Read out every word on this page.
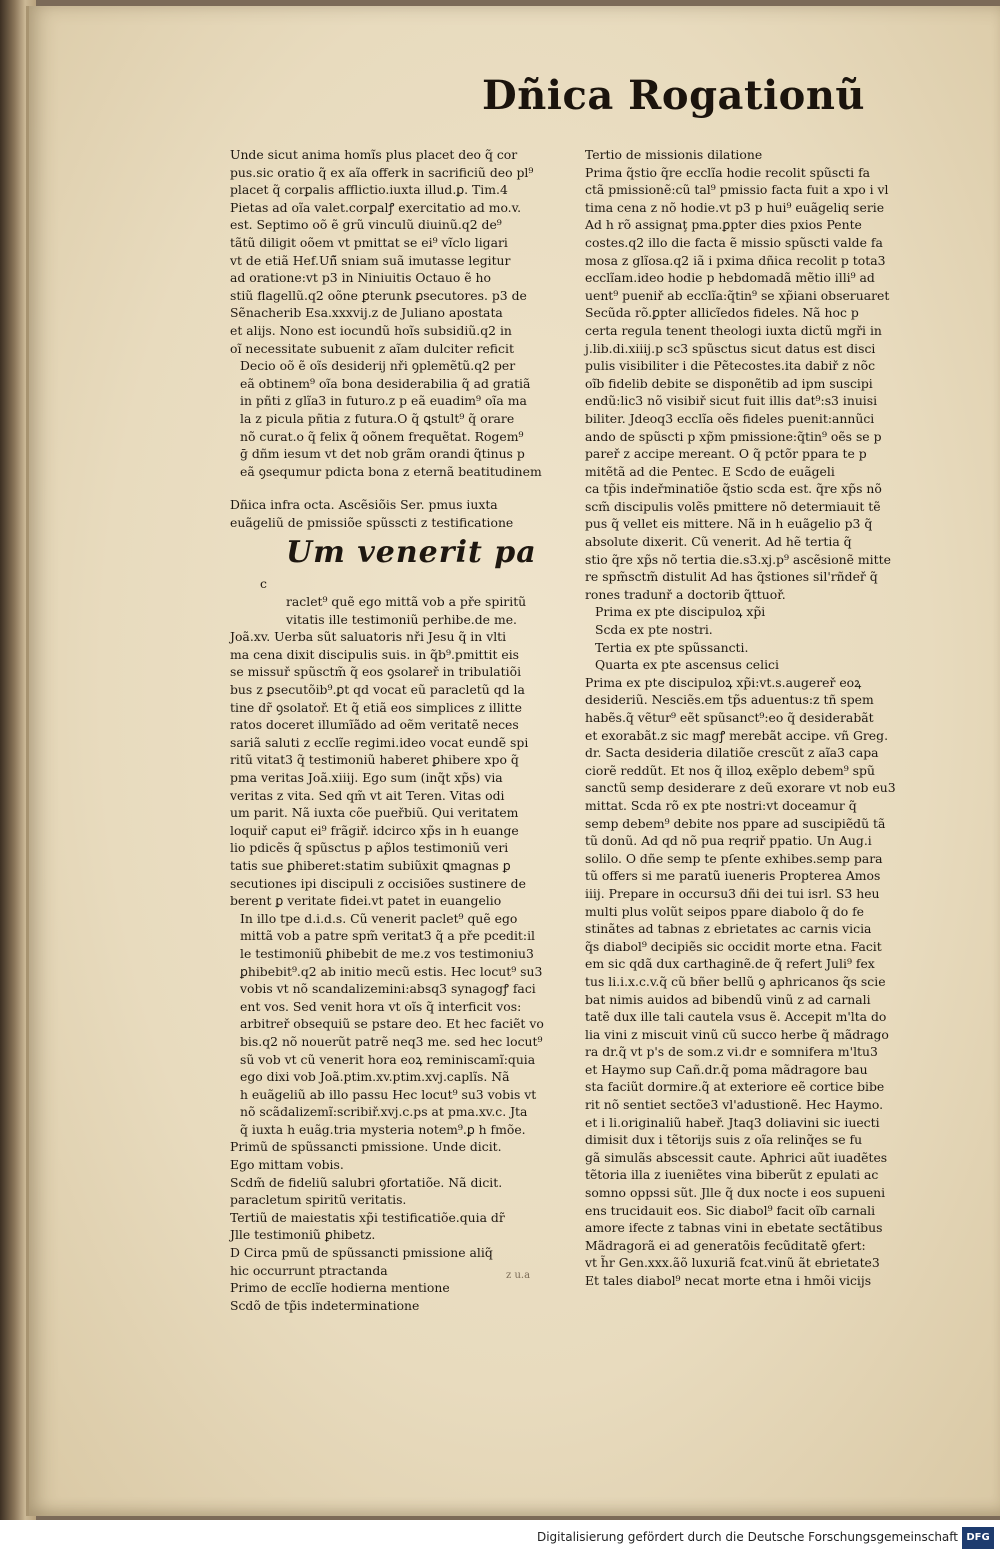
Dñica Rogationũ

Unde sicut anima homĩs plus placet deo q̃ cor

pus.sic oratio q̃ ex aĩa offerk in sacrificiũ deo pl⁹

placet q̃ corꝑalis afflictio.iuxta illud.ꝑ. Tim.4

Pietas ad oĩa valet.corꝑalꝭ exercitatio ad mo.v.

est. Septimo oõ ẽ grũ vinculũ diuinũ.q2 de⁹

tãtũ diligit oõem vt pmittat se ei⁹ vĩclo ligari

vt de etiã Hef.Uñ̃ sniam suã imutasse legitur

ad oratione:vt p3 in Niniuitis Octauo ẽ ho

stiũ flagellũ.q2 oõne ꝑterunk ꝑsecutores. p3 de

Sẽnacherib Esa.xxxvij.z de Juliano apostata

et alijs. Nono est iocundũ hoĩs subsidiũ.q2 in

oĩ necessitate subuenit z aĩam dulciter reficit

Decio oõ ẽ oĩs desiderij nři ꝯplemẽtũ.q2 per

eã obtinem⁹ oĩa bona desiderabilia q̃ ad gratiã

in pñti z glĩa3 in futuro.z p eã euadim⁹ oĩa ma

la z picula pñtia z futura.O q̃ ꝗstult⁹ q̃ orare

nõ curat.o q̃ felix q̃ oõnem frequẽtat. Rogem⁹

ḡ dñm iesum vt det nob grãm orandi q̃tinus p

eã ꝯsequmur pdicta bona z eternã beatitudinem

Dñica infra octa. Ascẽsiõis Ser. pmus iuxta

euãgeliũ de pmissiõe spũsscti z testificatione

Um venerit pa

c

raclet⁹ quẽ ego mittã vob a pře spiritũ

vitatis ille testimoniũ perhibe.de me.

Joã.xv. Uerba sũt saluatoris nři Jesu q̃ in vlti

ma cena dixit discipulis suis. in q̃b⁹.pmittit eis

se missuř spũsctm̃ q̃ eos ꝯsolareř in tribulatiõi

bus z ꝑsecutõib⁹.ꝑt qd vocat eũ paracletũ qd la

tine dr̃ ꝯsolatoř. Et q̃ etiã eos simplices z illitte

ratos doceret illumĩãdo ad oẽm veritatẽ neces

sariã saluti z ecclĩe regimi.ideo vocat eundẽ spi

ritũ vitat3 q̃ testimoniũ haberet ꝑhibere xpo q̃

pma veritas Joã.xiiij. Ego sum (inq̃t xp̃s) via

veritas z vita. Sed qm̃ vt ait Teren. Vitas odi

um parit. Nã iuxta cõe pueřbiũ. Qui veritatem

loquiř caput ei⁹ frãgiř. idcirco xp̃s in h euange

lio pdicẽs q̃ spũsctus p ap̃los testimoniũ veri

tatis sue ꝑhiberet:statim subiũxit ꝗmagnas ꝑ

secutiones ipi discipuli z occisiões sustinere de

berent ꝑ veritate fidei.vt patet in euangelio

In illo tpe d.i.d.s. Cũ venerit paclet⁹ quẽ ego

mittã vob a patre spm̃ veritat3 q̃ a pře pcedit:il

le testimoniũ ꝑhibebit de me.z vos testimoniu3

ꝑhibebit⁹.q2 ab initio mecũ estis. Hec locut⁹ su3

vobis vt nõ scandalizemini:absq3 synagogꝭ faci

ent vos. Sed venit hora vt oĩs q̃ interficit vos:

arbitreř obsequiũ se pstare deo. Et hec faciẽt vo

bis.q2 nõ nouerũt patrẽ neq3 me. sed hec locut⁹

sũ vob vt cũ venerit hora eoꝝ reminiscamĩ:quia

ego dixi vob Joã.ptim.xv.ptim.xvj.caplĩs. Nã

h euãgeliũ ab illo passu Hec locut⁹ su3 vobis vt

nõ scãdalizemĩ:scribiř.xvj.c.ps at pma.xv.c. Jta

q̃ iuxta h euãg.tria mysteria notem⁹.ꝑ h fmõe.

Primũ de spũssancti pmissione. Unde dicit.

Ego mittam vobis.

Scdm̃ de fideliũ salubri ꝯfortatiõe. Nã dicit.

paracletum spiritũ veritatis.

Tertiũ de maiestatis xp̃i testificatiõe.quia dr̃

Jlle testimoniũ ꝑhibetz.

D Circa pmũ de spũssancti pmissione aliq̃

hic occurrunt ptractanda

Primo de ecclĩe hodierna mentione

Scdõ de tp̃is indeterminatione

z u.a

Tertio de missionis dilatione

Prima q̃stio q̃re ecclĩa hodie recolit spũscti fa

ctã pmissionẽ:cũ tal⁹ pmissio facta fuit a xpo i vl

tima cena z nõ hodie.vt p3 p hui⁹ euãgeliq serie

Ad h rõ assignaţ pma.ꝑpter dies pxios Pente

costes.q2 illo die facta ẽ missio spũscti valde fa

mosa z glĩosa.q2 iã i pxima dñica recolit p tota3

ecclĩam.ideo hodie p hebdomadã mẽtio illi⁹ ad

uent⁹ pueniř ab ecclĩa:q̃tin⁹ se xp̃iani obseruaret

Secũda rõ.ꝑpter allicĩedos fideles. Nã hoc p

certa regula tenent theologi iuxta dictũ mgři in

j.lib.di.xiiij.p sc3 spũsctus sicut datus est disci

pulis visibiliter i die Pẽtecostes.ita dabiř z nõc

oĩb fidelib debite se disponẽtib ad ipm suscipi

endũ:lic3 nõ visibiř sicut fuit illis dat⁹:s3 inuisi

biliter. Jdeoq3 ecclĩa oẽs fideles puenit:annũci

ando de spũscti p xp̃m pmissione:q̃tin⁹ oẽs se p

pareř z accipe mereant. O q̃ pctõr ppara te p

mitẽtã ad die Pentec. E Scdo de euãgeli

ca tp̃is indeřminatiõe q̃stio scda est. q̃re xp̃s nõ

scm̃ discipulis volẽs pmittere nõ determiauit tẽ

pus q̃ vellet eis mittere. Nã in h euãgelio p3 q̃

absolute dixerit. Cũ venerit. Ad hẽ tertia q̃

stio q̃re xp̃s nõ tertia die.s3.xj.p⁹ ascẽsionẽ mitte

re spm̃sctm̃ distulit Ad has q̃stiones sil'rñdeř q̃

rones tradunř a doctorib q̃ttuoř.

Prima ex pte discipuloꝝ xp̃i

Scda ex pte nostri.

Tertia ex pte spũssancti.

Quarta ex pte ascensus celici

Prima ex pte discipuloꝝ xp̃i:vt.s.augereř eoꝝ

desideriũ. Nesciẽs.em tp̃s aduentus:z tñ spem

habẽs.q̃ vẽtur⁹ eẽt spũsanct⁹:eo q̃ desiderabãt

et exorabãt.z sic magꝭ merebãt accipe. vñ Greg.

dr. Sacta desideria dilatiõe crescũt z aĩa3 capa

ciorẽ reddũt. Et nos q̃ illoꝝ exẽplo debem⁹ spũ

sanctũ semp desiderare z deũ exorare vt nob eu3

mittat. Scda rõ ex pte nostri:vt doceamur q̃

semp debem⁹ debite nos ppare ad suscipiẽdũ tã

tũ donũ. Ad qd nõ pua reqriř ppatio. Un Aug.i

solilo. O dñe semp te pſente exhibes.semp para

tũ offers si me paratũ iueneris Propterea Amos

iiij. Prepare in occursu3 dñi dei tui isrl. S3 heu

multi plus volũt seipos ppare diabolo q̃ do fe

stinãtes ad tabnas z ebrietates ac carnis vicia

q̃s diabol⁹ decipiẽs sic occidit morte etna. Facit

em sic qdã dux carthaginẽ.de q̃ refert Juli⁹ fex

tus li.i.x.c.v.q̃ cũ bñer bellũ ꝯ aphricanos q̃s scie

bat nimis auidos ad bibendũ vinũ z ad carnali

tatẽ dux ille tali cautela vsus ẽ. Accepit m'lta do

lia vini z miscuit vinũ cũ succo herbe q̃ mãdrago

ra dr.q̃ vt p's de som.z vi.dr e somnifera m'ltu3

et Haymo sup Cañ.dr.q̃ poma mãdragore bau

sta faciũt dormire.q̃ at exteriore eẽ cortice bibe

rit nõ sentiet sectõe3 vl'adustionẽ. Hec Haymo.

et i li.originaliũ habeř. Jtaq3 doliavini sic iuecti

dimisit dux i tẽtorijs suis z oĩa relinq̃es se fu

gã simulãs abscessit caute. Aphrici aũt iuadẽtes

tẽtoria illa z iueniẽtes vina biberũt z epulati ac

somno oppssi sũt. Jlle q̃ dux nocte i eos supueni

ens trucidauit eos. Sic diabol⁹ facit oĩb carnali

amore ifecte z tabnas vini in ebetate sectãtibus

Mãdragorã ei ad generatõis fecũditatẽ ꝯfert:

vt h̃r Gen.xxx.ãõ luxuriã fcat.vinũ ãt ebrietate3

Et tales diabol⁹ necat morte etna i hmõi vicijs

Digitalisierung gefördert durch die Deutsche Forschungsgemeinschaft DFG
